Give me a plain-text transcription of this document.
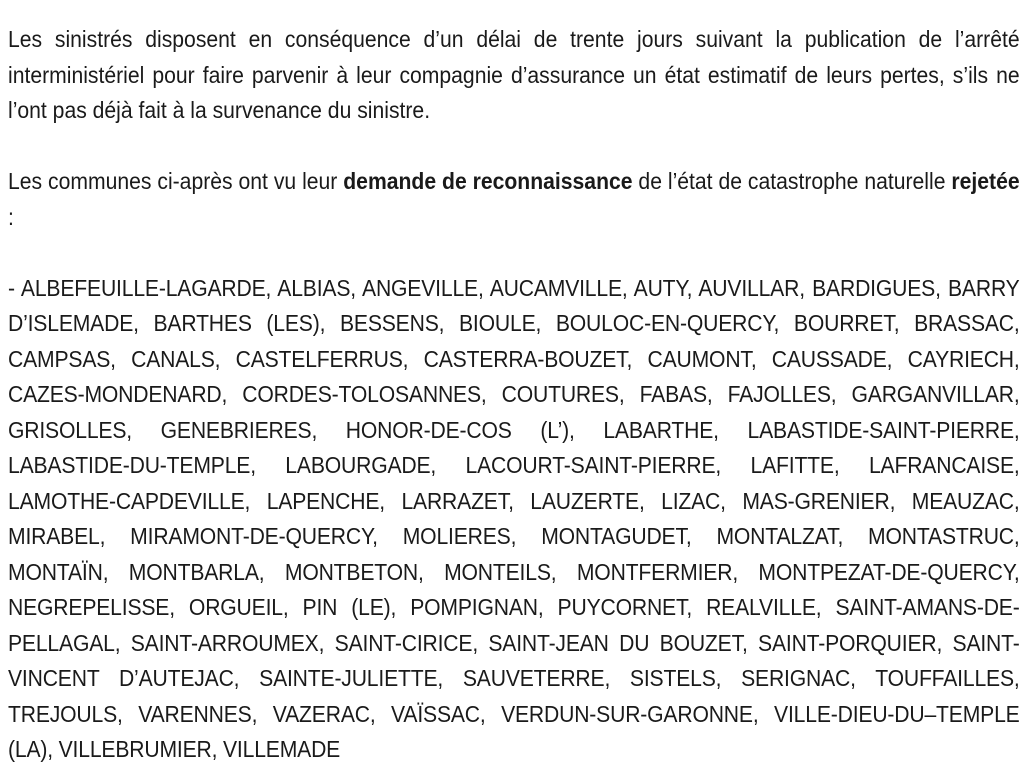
Les sinistrés disposent en conséquence d’un délai de trente jours suivant la publication de l’arrêté interministériel pour faire parvenir à leur compagnie d’assurance un état estimatif de leurs pertes, s’ils ne l’ont pas déjà fait à la survenance du sinistre.

Les communes ci-après ont vu leur demande de reconnaissance de l’état de catastrophe naturelle rejetée :

- ALBEFEUILLE-LAGARDE, ALBIAS, ANGEVILLE, AUCAMVILLE, AUTY, AUVILLAR, BARDIGUES, BARRY D’ISLEMADE, BARTHES (LES), BESSENS, BIOULE, BOULOC-EN-QUERCY, BOURRET, BRASSAC, CAMPSAS, CANALS, CASTELFERRUS, CASTERRA-BOUZET, CAUMONT, CAUSSADE, CAYRIECH, CAZES-MONDENARD, CORDES-TOLOSANNES, COUTURES, FABAS, FAJOLLES, GARGANVILLAR, GRISOLLES, GENEBRIERES, HONOR-DE-COS (L’), LABARTHE, LABASTIDE-SAINT-PIERRE, LABASTIDE-DU-TEMPLE, LABOURGADE, LACOURT-SAINT-PIERRE, LAFITTE, LAFRANCAISE, LAMOTHE-CAPDEVILLE, LAPENCHE, LARRAZET, LAUZERTE, LIZAC, MAS-GRENIER, MEAUZAC, MIRABEL, MIRAMONT-DE-QUERCY, MOLIERES, MONTAGUDET, MONTALZAT, MONTASTRUC, MONTAÏN, MONTBARLA, MONTBETON, MONTEILS, MONTFERMIER, MONTPEZAT-DE-QUERCY, NEGREPELISSE, ORGUEIL, PIN (LE), POMPIGNAN, PUYCORNET, REALVILLE, SAINT-AMANS-DE-PELLAGAL, SAINT-ARROUMEX, SAINT-CIRICE, SAINT-JEAN DU BOUZET, SAINT-PORQUIER, SAINT-VINCENT D’AUTEJAC, SAINTE-JULIETTE, SAUVETERRE, SISTELS, SERIGNAC, TOUFFAILLES, TREJOULS, VARENNES, VAZERAC, VAÏSSAC, VERDUN-SUR-GARONNE, VILLE-DIEU-DU–TEMPLE (LA), VILLEBRUMIER, VILLEMADE
